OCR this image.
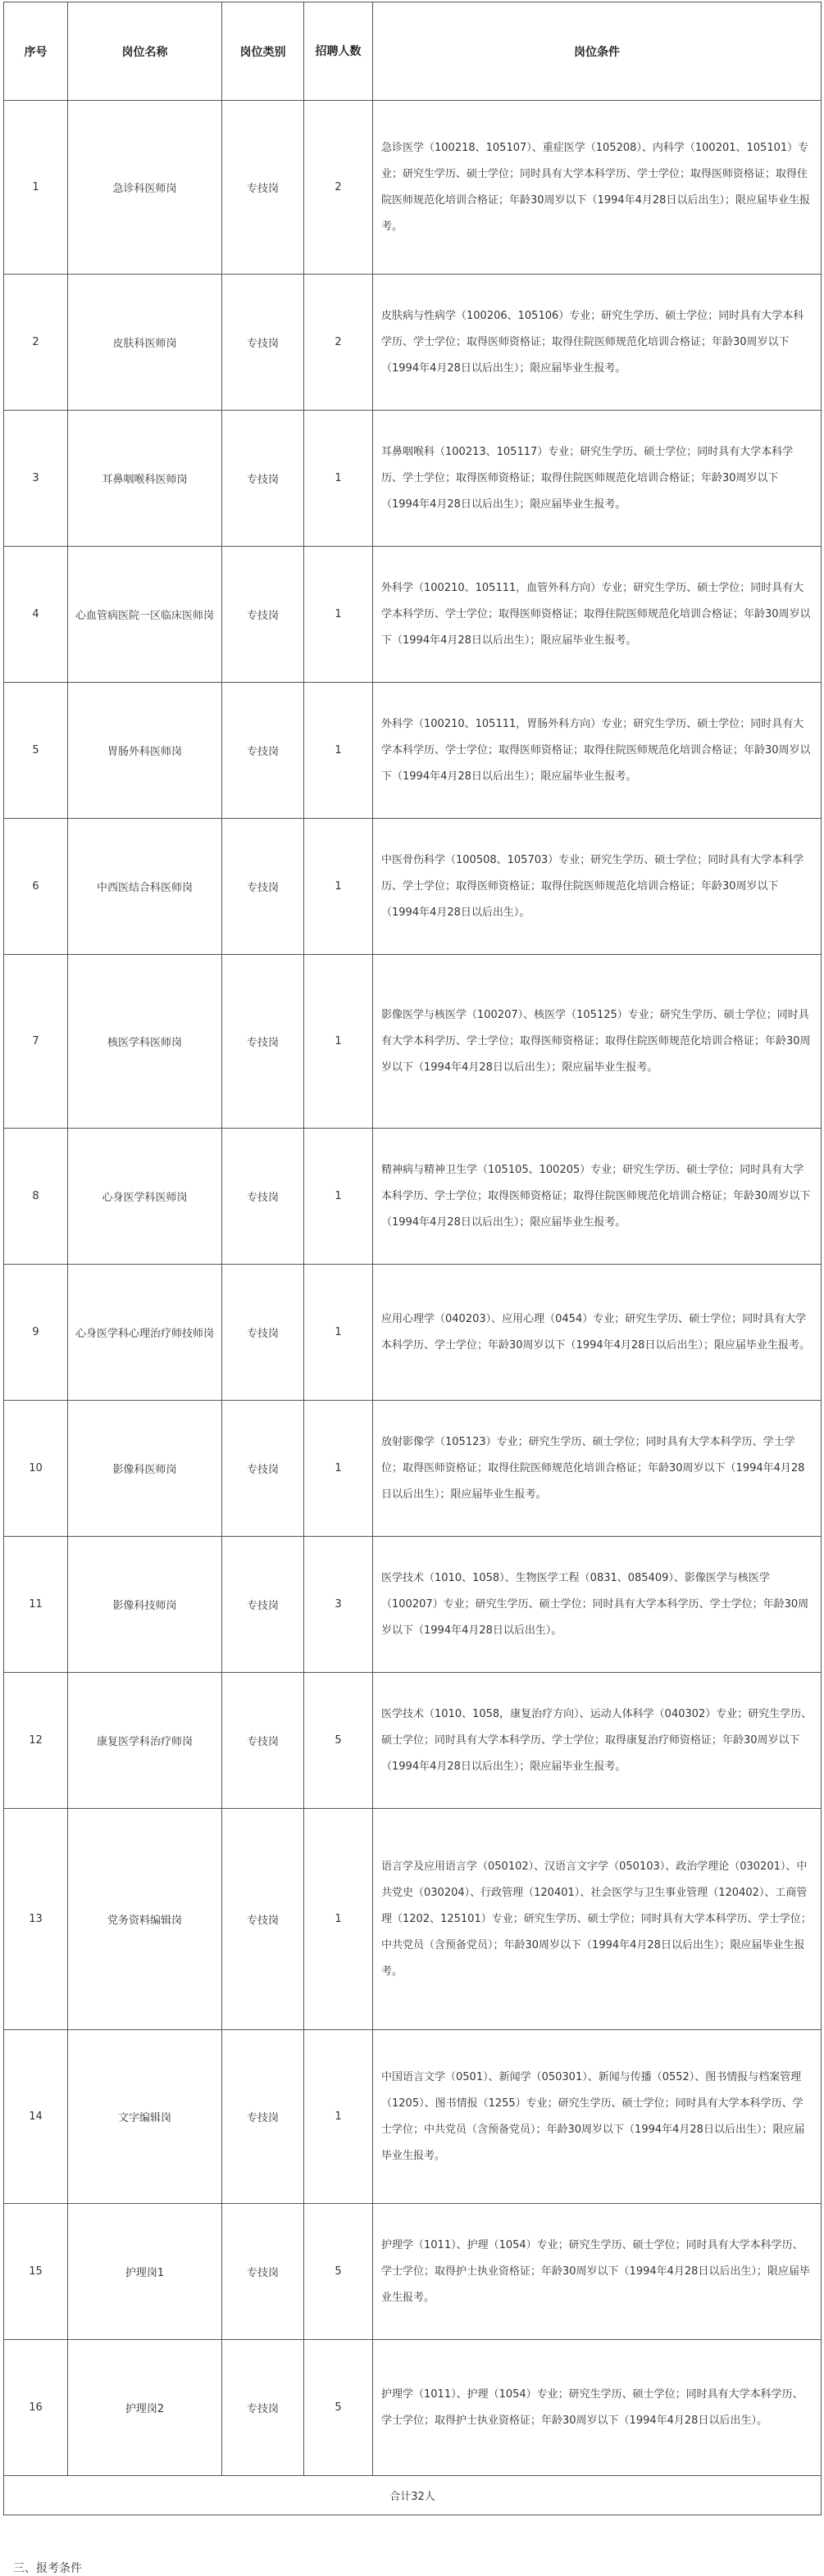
序号	岗位名称	岗位类别	招聘人数	岗位条件
1	急诊科医师岗	专技岗	2	急诊医学（100218、105107）、重症医学（105208）、内科学（100201、105101）专业；研究生学历、硕士学位；同时具有大学本科学历、学士学位；取得医师资格证；取得住院医师规范化培训合格证；年龄30周岁以下（1994年4月28日以后出生）；限应届毕业生报考。
2	皮肤科医师岗	专技岗	2	皮肤病与性病学（100206、105106）专业；研究生学历、硕士学位；同时具有大学本科学历、学士学位；取得医师资格证；取得住院医师规范化培训合格证；年龄30周岁以下（1994年4月28日以后出生）；限应届毕业生报考。
3	耳鼻咽喉科医师岗	专技岗	1	耳鼻咽喉科（100213、105117）专业；研究生学历、硕士学位；同时具有大学本科学历、学士学位；取得医师资格证；取得住院医师规范化培训合格证；年龄30周岁以下（1994年4月28日以后出生）；限应届毕业生报考。
4	心血管病医院一区临床医师岗	专技岗	1	外科学（100210、105111，血管外科方向）专业；研究生学历、硕士学位；同时具有大学本科学历、学士学位；取得医师资格证；取得住院医师规范化培训合格证；年龄30周岁以下（1994年4月28日以后出生）；限应届毕业生报考。
5	胃肠外科医师岗	专技岗	1	外科学（100210、105111，胃肠外科方向）专业；研究生学历、硕士学位；同时具有大学本科学历、学士学位；取得医师资格证；取得住院医师规范化培训合格证；年龄30周岁以下（1994年4月28日以后出生）；限应届毕业生报考。
6	中西医结合科医师岗	专技岗	1	中医骨伤科学（100508、105703）专业；研究生学历、硕士学位；同时具有大学本科学历、学士学位；取得医师资格证；取得住院医师规范化培训合格证；年龄30周岁以下（1994年4月28日以后出生）。
7	核医学科医师岗	专技岗	1	影像医学与核医学（100207）、核医学（105125）专业；研究生学历、硕士学位；同时具有大学本科学历、学士学位；取得医师资格证；取得住院医师规范化培训合格证；年龄30周岁以下（1994年4月28日以后出生）；限应届毕业生报考。
8	心身医学科医师岗	专技岗	1	精神病与精神卫生学（105105、100205）专业；研究生学历、硕士学位；同时具有大学本科学历、学士学位；取得医师资格证；取得住院医师规范化培训合格证；年龄30周岁以下（1994年4月28日以后出生）；限应届毕业生报考。
9	心身医学科心理治疗师技师岗	专技岗	1	应用心理学（040203）、应用心理（0454）专业；研究生学历、硕士学位；同时具有大学本科学历、学士学位；年龄30周岁以下（1994年4月28日以后出生）；限应届毕业生报考。
10	影像科医师岗	专技岗	1	放射影像学（105123）专业；研究生学历、硕士学位；同时具有大学本科学历、学士学位；取得医师资格证；取得住院医师规范化培训合格证；年龄30周岁以下（1994年4月28日以后出生）；限应届毕业生报考。
11	影像科技师岗	专技岗	3	医学技术（1010、1058）、生物医学工程（0831、085409）、影像医学与核医学（100207）专业；研究生学历、硕士学位；同时具有大学本科学历、学士学位；年龄30周岁以下（1994年4月28日以后出生）。
12	康复医学科治疗师岗	专技岗	5	医学技术（1010、1058，康复治疗方向）、运动人体科学（040302）专业；研究生学历、硕士学位；同时具有大学本科学历、学士学位；取得康复治疗师资格证；年龄30周岁以下（1994年4月28日以后出生）；限应届毕业生报考。
13	党务资料编辑岗	专技岗	1	语言学及应用语言学（050102）、汉语言文字学（050103）、政治学理论（030201）、中共党史（030204）、行政管理（120401）、社会医学与卫生事业管理（120402）、工商管理（1202、125101）专业；研究生学历、硕士学位；同时具有大学本科学历、学士学位；中共党员（含预备党员）；年龄30周岁以下（1994年4月28日以后出生）；限应届毕业生报考。
14	文字编辑岗	专技岗	1	中国语言文学（0501）、新闻学（050301）、新闻与传播（0552）、图书情报与档案管理（1205）、图书情报（1255）专业；研究生学历、硕士学位；同时具有大学本科学历、学士学位；中共党员（含预备党员）；年龄30周岁以下（1994年4月28日以后出生）；限应届毕业生报考。
15	护理岗1	专技岗	5	护理学（1011）、护理（1054）专业；研究生学历、硕士学位；同时具有大学本科学历、学士学位；取得护士执业资格证；年龄30周岁以下（1994年4月28日以后出生）；限应届毕业生报考。
16	护理岗2	专技岗	5	护理学（1011）、护理（1054）专业；研究生学历、硕士学位；同时具有大学本科学历、学士学位；取得护士执业资格证；年龄30周岁以下（1994年4月28日以后出生）。
合计32人				
三、报考条件
